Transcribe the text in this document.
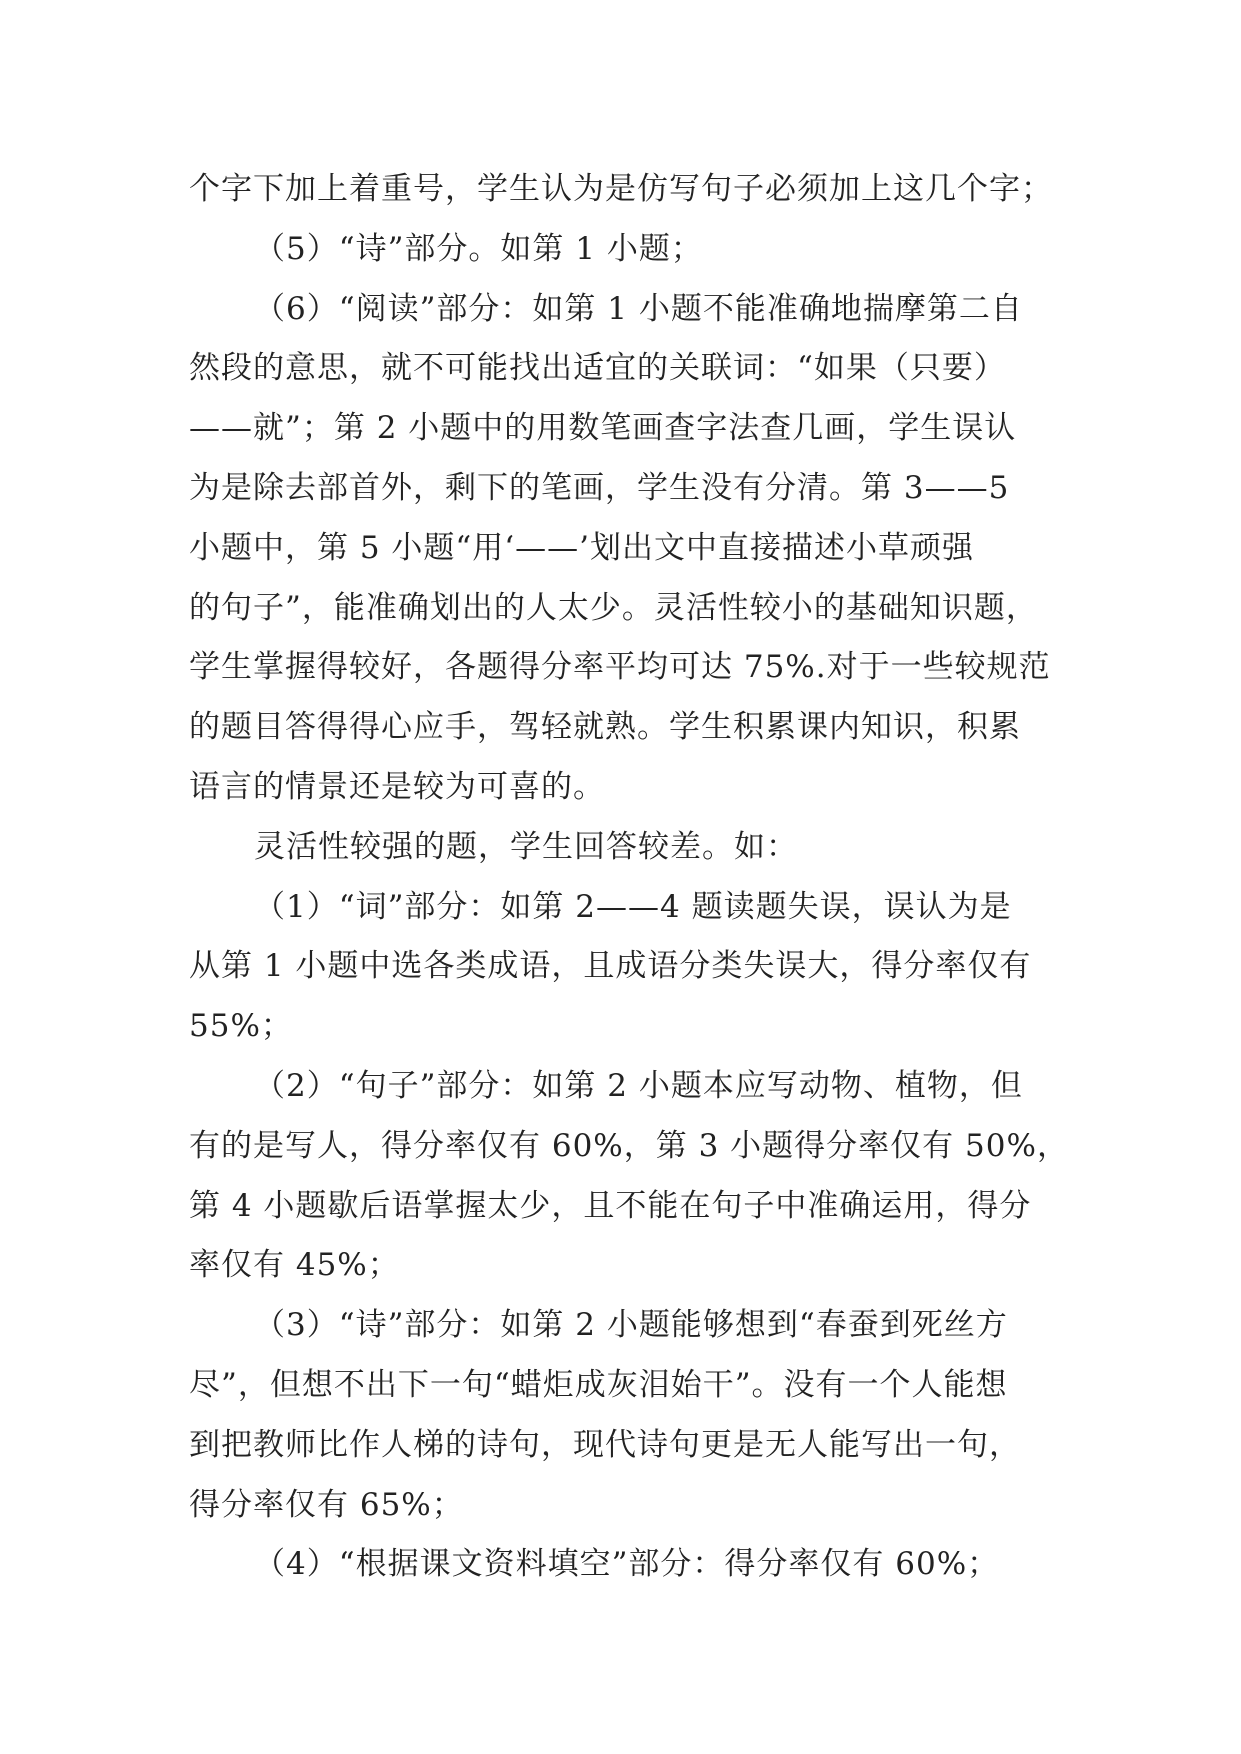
个字下加上着重号，学生认为是仿写句子必须加上这几个字；
（5）“诗”部分。如第 1 小题；
（6）“阅读”部分：如第 1 小题不能准确地揣摩第二自
然段的意思，就不可能找出适宜的关联词：“如果（只要）
——就”；第 2 小题中的用数笔画查字法查几画，学生误认
为是除去部首外，剩下的笔画，学生没有分清。第 3——5
小题中，第 5 小题“用‘——’划出文中直接描述小草顽强
的句子”，能准确划出的人太少。灵活性较小的基础知识题，
学生掌握得较好，各题得分率平均可达 75%.对于一些较规范
的题目答得得心应手，驾轻就熟。学生积累课内知识，积累
语言的情景还是较为可喜的。
灵活性较强的题，学生回答较差。如：
（1）“词”部分：如第 2——4 题读题失误，误认为是
从第 1 小题中选各类成语，且成语分类失误大，得分率仅有
55%；
（2）“句子”部分：如第 2 小题本应写动物、植物，但
有的是写人，得分率仅有 60%，第 3 小题得分率仅有 50%，
第 4 小题歇后语掌握太少，且不能在句子中准确运用，得分
率仅有 45%；
（3）“诗”部分：如第 2 小题能够想到“春蚕到死丝方
尽”，但想不出下一句“蜡炬成灰泪始干”。没有一个人能想
到把教师比作人梯的诗句，现代诗句更是无人能写出一句，
得分率仅有 65%；
（4）“根据课文资料填空”部分：得分率仅有 60%；
